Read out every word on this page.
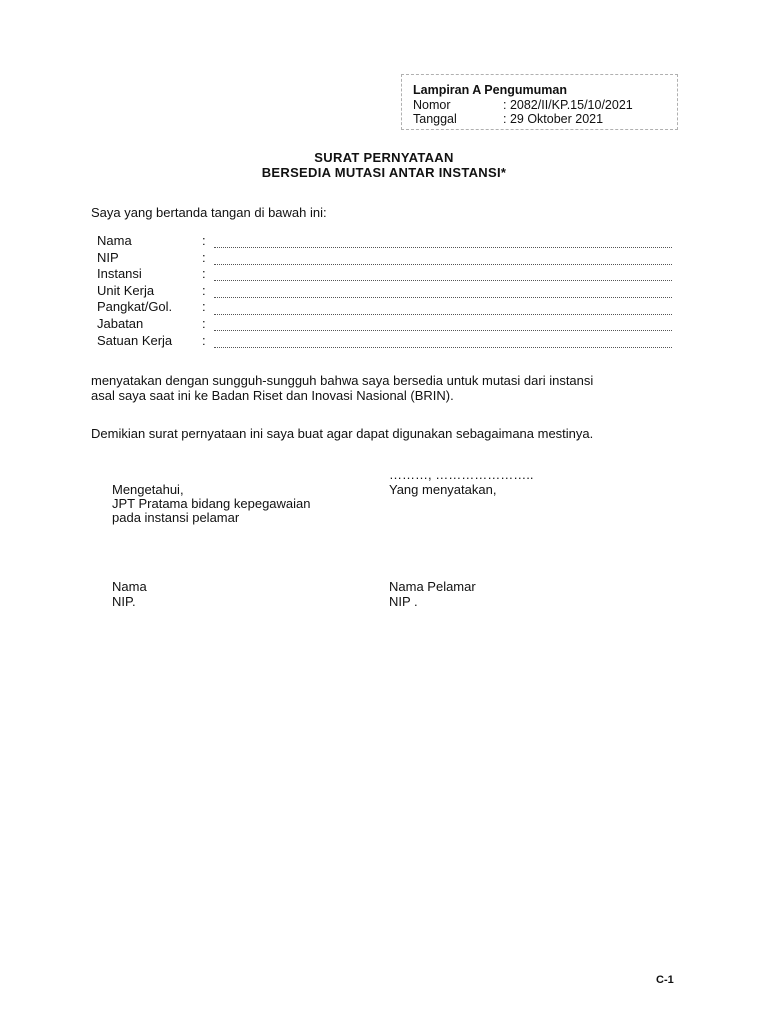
Lampiran A Pengumuman
Nomor	: 2082/II/KP.15/10/2021
Tanggal	: 29 Oktober 2021
SURAT PERNYATAAN
BERSEDIA MUTASI ANTAR INSTANSI*
Saya yang bertanda tangan di bawah ini:
Nama	:
NIP	:
Instansi	:
Unit Kerja	:
Pangkat/Gol. :
Jabatan	:
Satuan Kerja :
menyatakan dengan sungguh-sungguh bahwa saya bersedia untuk mutasi dari instansi
asal saya saat ini ke Badan Riset dan Inovasi Nasional (BRIN).
Demikian surat pernyataan ini saya buat agar dapat digunakan sebagaimana mestinya.
………, …………………..
Mengetahui,
JPT Pratama bidang kepegawaian
pada instansi pelamar
Yang menyatakan,
Nama
NIP.
Nama Pelamar
NIP .
C-1
